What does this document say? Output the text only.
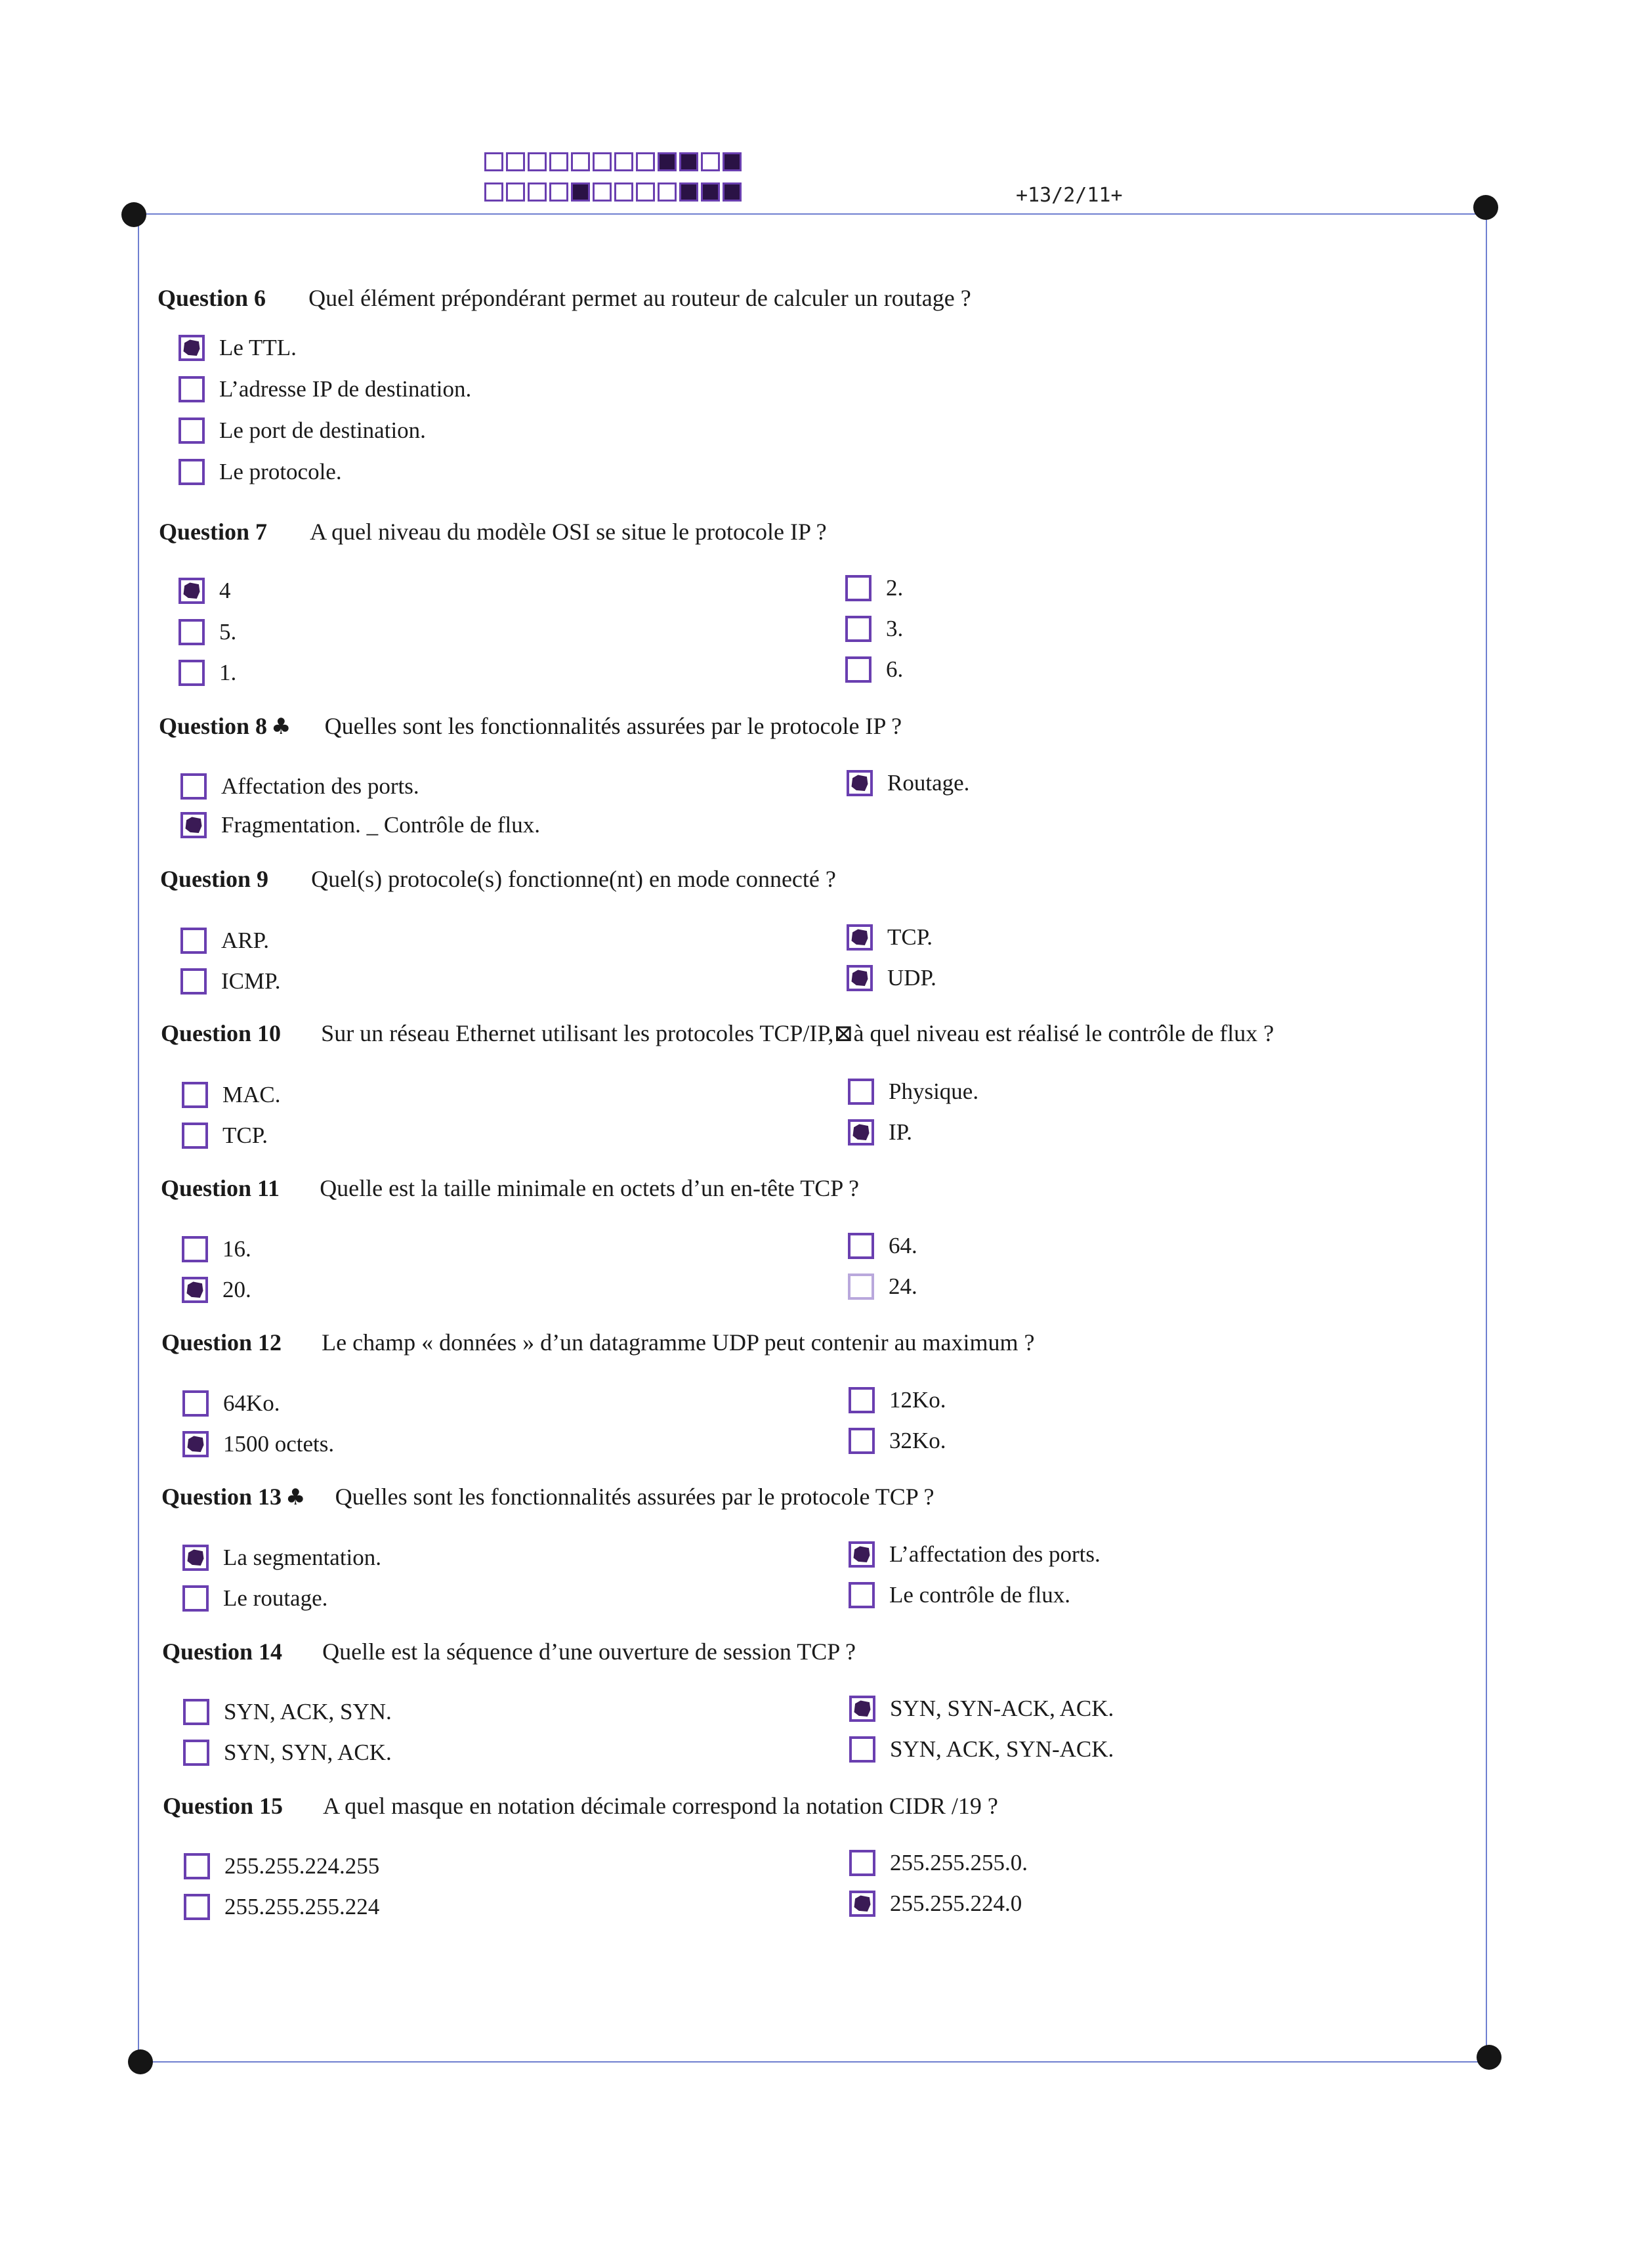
+13/2/11+
Question 6 Quel élément prépondérant permet au routeur de calculer un routage ?
Le TTL.
L’adresse IP de destination.
Le port de destination.
Le protocole.
Question 7 A quel niveau du modèle OSI se situe le protocole IP ?
4
5.
1.
2.
3.
6.
Question 8 ♣ Quelles sont les fonctionnalités assurées par le protocole IP ?
Affectation des ports.
Fragmentation. _ Contrôle de flux.
Routage.
Question 9 Quel(s) protocole(s) fonctionne(nt) en mode connecté ?
ARP.
ICMP.
TCP.
UDP.
Question 10 Sur un réseau Ethernet utilisant les protocoles TCP/IP,⊠à quel niveau est réalisé le contrôle de flux ?
MAC.
TCP.
Physique.
IP.
Question 11 Quelle est la taille minimale en octets d’un en-tête TCP ?
16.
20.
64.
24.
Question 12 Le champ « données » d’un datagramme UDP peut contenir au maximum ?
64Ko.
1500 octets.
12Ko.
32Ko.
Question 13 ♣ Quelles sont les fonctionnalités assurées par le protocole TCP ?
La segmentation.
Le routage.
L’affectation des ports.
Le contrôle de flux.
Question 14 Quelle est la séquence d’une ouverture de session TCP ?
SYN, ACK, SYN.
SYN, SYN, ACK.
SYN, SYN-ACK, ACK.
SYN, ACK, SYN-ACK.
Question 15 A quel masque en notation décimale correspond la notation CIDR /19 ?
255.255.224.255
255.255.255.224
255.255.255.0.
255.255.224.0
